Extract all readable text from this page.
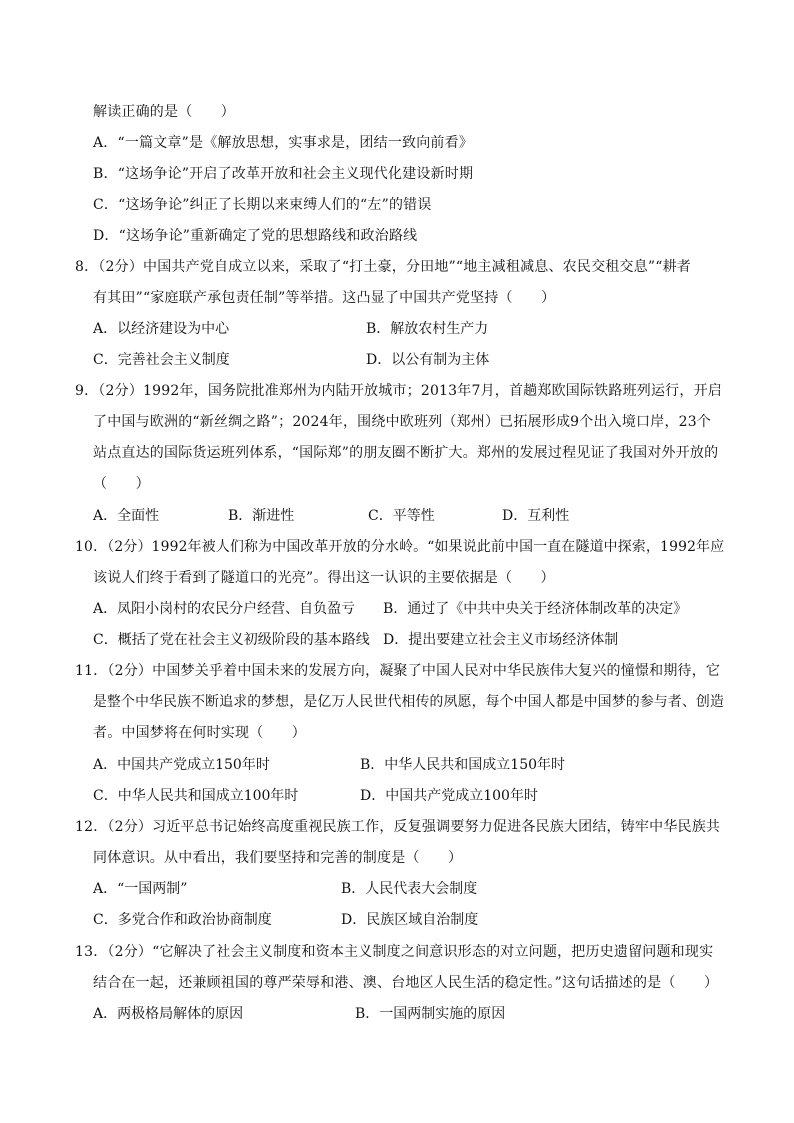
解读正确的是（　　）
A．“一篇文章”是《解放思想，实事求是，团结一致向前看》
B．“这场争论”开启了改革开放和社会主义现代化建设新时期
C．“这场争论”纠正了长期以来束缚人们的“左”的错误
D．“这场争论”重新确定了党的思想路线和政治路线
8．（2分）中国共产党自成立以来，采取了“打土豪，分田地”“地主减租减息、农民交租交息”“耕者
有其田”“家庭联产承包责任制”等举措。这凸显了中国共产党坚持（　　）
A．以经济建设为中心	B．解放农村生产力
C．完善社会主义制度	D．以公有制为主体
9．（2分）1992年，国务院批准郑州为内陆开放城市；2013年7月，首趟郑欧国际铁路班列运行，开启
了中国与欧洲的“新丝绸之路”；2024年，围绕中欧班列（郑州）已拓展形成9个出入境口岸，23个
站点直达的国际货运班列体系，“国际郑”的朋友圈不断扩大。郑州的发展过程见证了我国对外开放的
（　　）
A．全面性	B．渐进性	C．平等性	D．互利性
10．（2分）1992年被人们称为中国改革开放的分水岭。“如果说此前中国一直在隧道中探索，1992年应
该说人们终于看到了隧道口的光亮”。得出这一认识的主要依据是（　　）
A．凤阳小岗村的农民分户经营、自负盈亏 B．通过了《中共中央关于经济体制改革的决定》
C．概括了党在社会主义初级阶段的基本路线 D．提出要建立社会主义市场经济体制
11．（2分）中国梦关乎着中国未来的发展方向，凝聚了中国人民对中华民族伟大复兴的憧憬和期待，它
是整个中华民族不断追求的梦想，是亿万人民世代相传的夙愿，每个中国人都是中国梦的参与者、创造
者。中国梦将在何时实现（　　）
A．中国共产党成立150年时	B．中华人民共和国成立150年时
C．中华人民共和国成立100年时	D．中国共产党成立100年时
12．（2分）习近平总书记始终高度重视民族工作，反复强调要努力促进各民族大团结，铸牢中华民族共
同体意识。从中看出，我们要坚持和完善的制度是（　　）
A．“一国两制”	B．人民代表大会制度
C．多党合作和政治协商制度	D．民族区域自治制度
13．（2分）“它解决了社会主义制度和资本主义制度之间意识形态的对立问题，把历史遗留问题和现实
结合在一起，还兼顾祖国的尊严荣辱和港、澳、台地区人民生活的稳定性。”这句话描述的是（　　）
A．两极格局解体的原因	B．一国两制实施的原因
